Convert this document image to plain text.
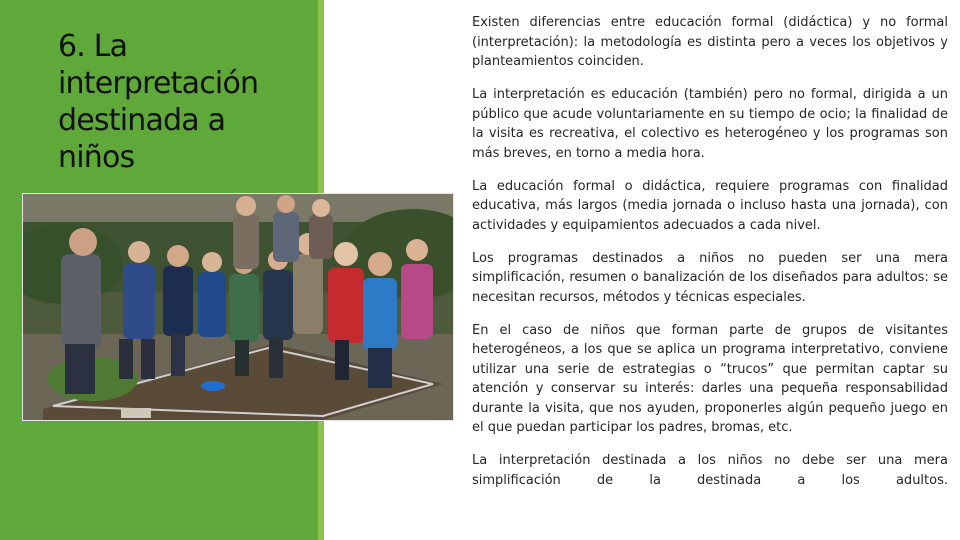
6. La
interpretación
destinada a
niños

Existen diferencias entre educación formal (didáctica) y no formal (interpretación): la metodología es distinta pero a veces los objetivos y planteamientos coinciden.

La interpretación es educación (también) pero no formal, dirigida a un público que acude voluntariamente en su tiempo de ocio; la finalidad de la visita es recreativa, el colectivo es heterogéneo y los programas son más breves, en torno a media hora.

La educación formal o didáctica, requiere programas con finalidad educativa, más largos (media jornada o incluso hasta una jornada), con actividades y equipamientos adecuados a cada nivel.

Los programas destinados a niños no pueden ser una mera simplificación, resumen o banalización de los diseñados para adultos: se necesitan recursos, métodos y técnicas especiales.

En el caso de niños que forman parte de grupos de visitantes heterogéneos, a los que se aplica un programa interpretativo, conviene utilizar una serie de estrategias o “trucos” que permitan captar su atención y conservar su interés: darles una pequeña responsabilidad durante la visita, que nos ayuden, proponerles algún pequeño juego en el que puedan participar los padres, bromas, etc.

La interpretación destinada a los niños no debe ser una mera simplificación de la destinada a los adultos.
